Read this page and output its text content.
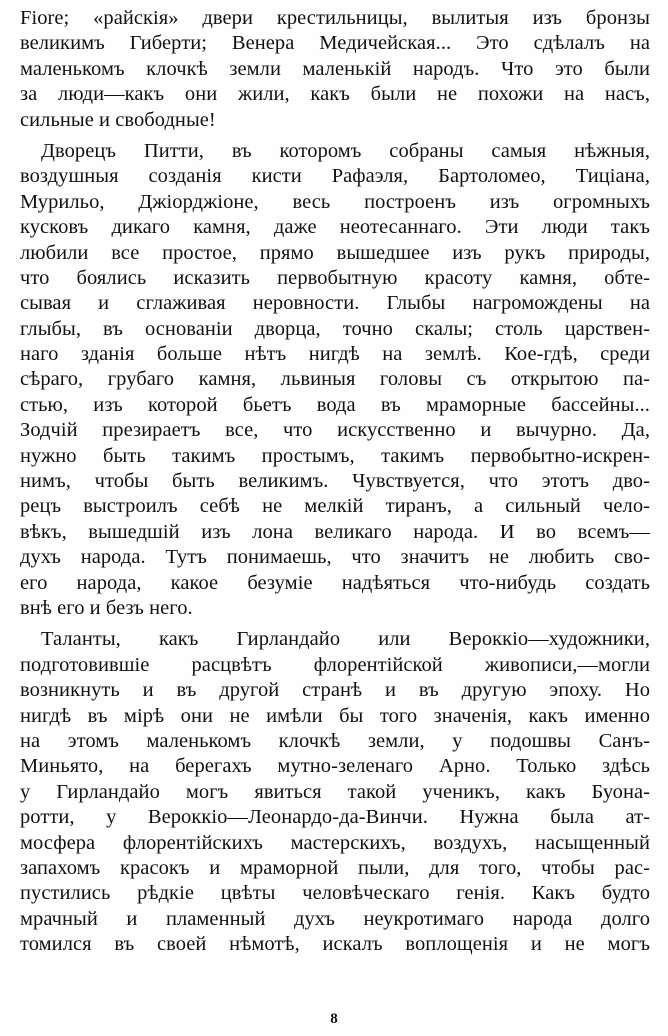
Fiore; «райскія» двери крестильницы, вылитыя изъ бронзы
великимъ Гиберти; Венера Медичейская... Это сдѣлалъ на
маленькомъ клочкѣ земли маленькій народъ. Что это были
за люди—какъ они жили, какъ были не похожи на насъ,
сильные и свободные!
Дворецъ Питти, въ которомъ собраны самыя нѣжныя,
воздушныя созданія кисти Рафаэля, Бартоломео, Тиціана,
Мурильо, Джіорджіоне, весь построенъ изъ огромныхъ
кусковъ дикаго камня, даже неотесаннаго. Эти люди такъ
любили все простое, прямо вышедшее изъ рукъ природы,
что боялись исказить первобытную красоту камня, обте-
сывая и сглаживая неровности. Глыбы нагромождены на
глыбы, въ основаніи дворца, точно скалы; столь царствен-
наго зданія больше нѣтъ нигдѣ на землѣ. Кое-гдѣ, среди
сѣраго, грубаго камня, львиныя головы съ открытою па-
стью, изъ которой бьетъ вода въ мраморные бассейны...
Зодчій презираетъ все, что искусственно и вычурно. Да,
нужно быть такимъ простымъ, такимъ первобытно-искрен-
нимъ, чтобы быть великимъ. Чувствуется, что этотъ дво-
рецъ выстроилъ себѣ не мелкій тиранъ, а сильный чело-
вѣкъ, вышедшій изъ лона великаго народа. И во всемъ—
духъ народа. Тутъ понимаешь, что значитъ не любить сво-
его народа, какое безуміе надѣяться что-нибудь создать
внѣ его и безъ него.
Таланты, какъ Гирландайо или Вероккіо—художники,
подготовившіе расцвѣтъ флорентійской живописи,—могли
возникнуть и въ другой странѣ и въ другую эпоху. Но
нигдѣ въ мірѣ они не имѣли бы того значенія, какъ именно
на этомъ маленькомъ клочкѣ земли, у подошвы Санъ-
Миньято, на берегахъ мутно-зеленаго Арно. Только здѣсь
у Гирландайо могъ явиться такой ученикъ, какъ Буона-
ротти, у Вероккіо—Леонардо-да-Винчи. Нужна была ат-
мосфера флорентійскихъ мастерскихъ, воздухъ, насыщенный
запахомъ красокъ и мраморной пыли, для того, чтобы рас-
пустились рѣдкіе цвѣты человѣческаго генія. Какъ будто
мрачный и пламенный духъ неукротимаго народа долго
томился въ своей нѣмотѣ, искалъ воплощенія и не могъ
8
